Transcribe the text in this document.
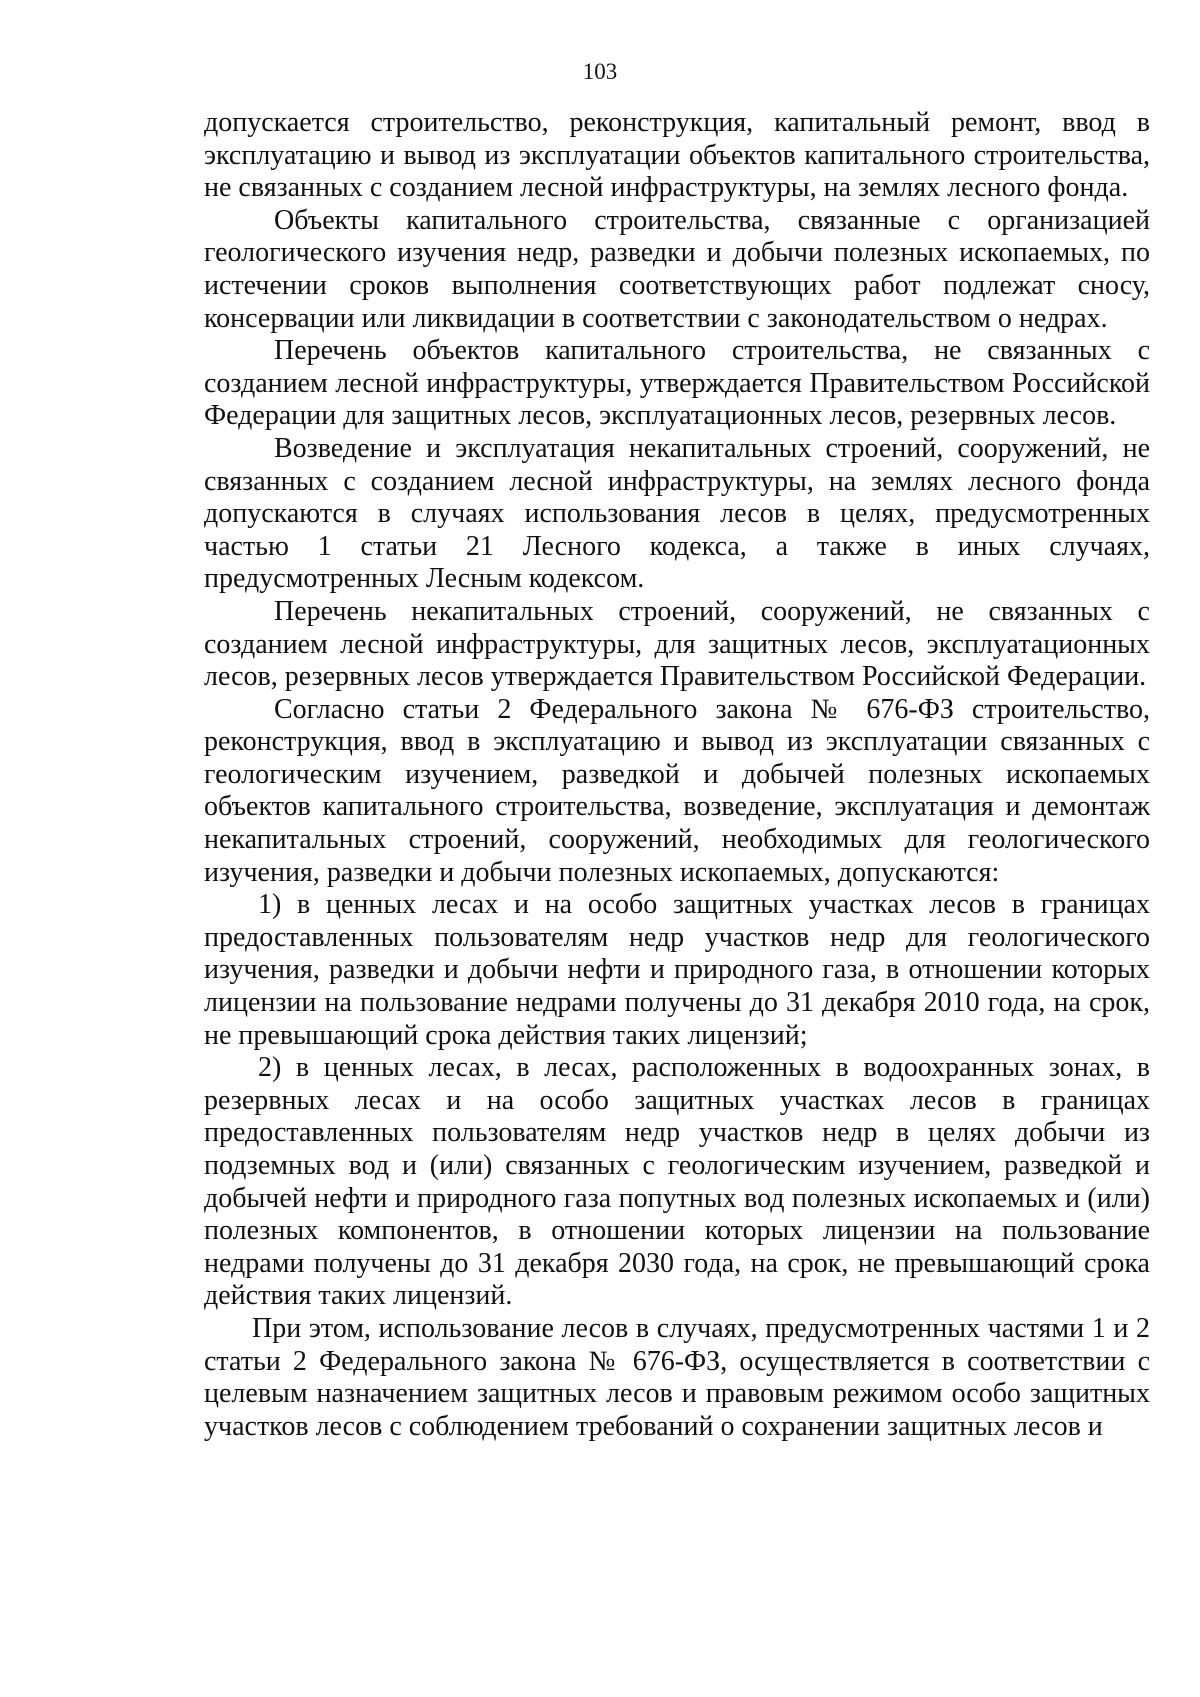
103

допускается строительство, реконструкция, капитальный ремонт, ввод в эксплуатацию и вывод из эксплуатации объектов капитального строительства, не связанных с созданием лесной инфраструктуры, на землях лесного фонда.

Объекты капитального строительства, связанные с организацией геологического изучения недр, разведки и добычи полезных ископаемых, по истечении сроков выполнения соответствующих работ подлежат сносу, консервации или ликвидации в соответствии с законодательством о недрах.

Перечень объектов капитального строительства, не связанных с созданием лесной инфраструктуры, утверждается Правительством Российской Федерации для защитных лесов, эксплуатационных лесов, резервных лесов.

Возведение и эксплуатация некапитальных строений, сооружений, не связанных с созданием лесной инфраструктуры, на землях лесного фонда допускаются в случаях использования лесов в целях, предусмотренных частью 1 статьи 21 Лесного кодекса, а также в иных случаях, предусмотренных Лесным кодексом.

Перечень некапитальных строений, сооружений, не связанных с созданием лесной инфраструктуры, для защитных лесов, эксплуатационных лесов, резервных лесов утверждается Правительством Российской Федерации.

Согласно статьи 2 Федерального закона № 676-ФЗ строительство, реконструкция, ввод в эксплуатацию и вывод из эксплуатации связанных с геологическим изучением, разведкой и добычей полезных ископаемых объектов капитального строительства, возведение, эксплуатация и демонтаж некапитальных строений, сооружений, необходимых для геологического изучения, разведки и добычи полезных ископаемых, допускаются:

1) в ценных лесах и на особо защитных участках лесов в границах предоставленных пользователям недр участков недр для геологического изучения, разведки и добычи нефти и природного газа, в отношении которых лицензии на пользование недрами получены до 31 декабря 2010 года, на срок, не превышающий срока действия таких лицензий;

2) в ценных лесах, в лесах, расположенных в водоохранных зонах, в резервных лесах и на особо защитных участках лесов в границах предоставленных пользователям недр участков недр в целях добычи из подземных вод и (или) связанных с геологическим изучением, разведкой и добычей нефти и природного газа попутных вод полезных ископаемых и (или) полезных компонентов, в отношении которых лицензии на пользование недрами получены до 31 декабря 2030 года, на срок, не превышающий срока действия таких лицензий.

При этом, использование лесов в случаях, предусмотренных частями 1 и 2 статьи 2 Федерального закона № 676-ФЗ, осуществляется в соответствии с целевым назначением защитных лесов и правовым режимом особо защитных участков лесов с соблюдением требований о сохранении защитных лесов и
